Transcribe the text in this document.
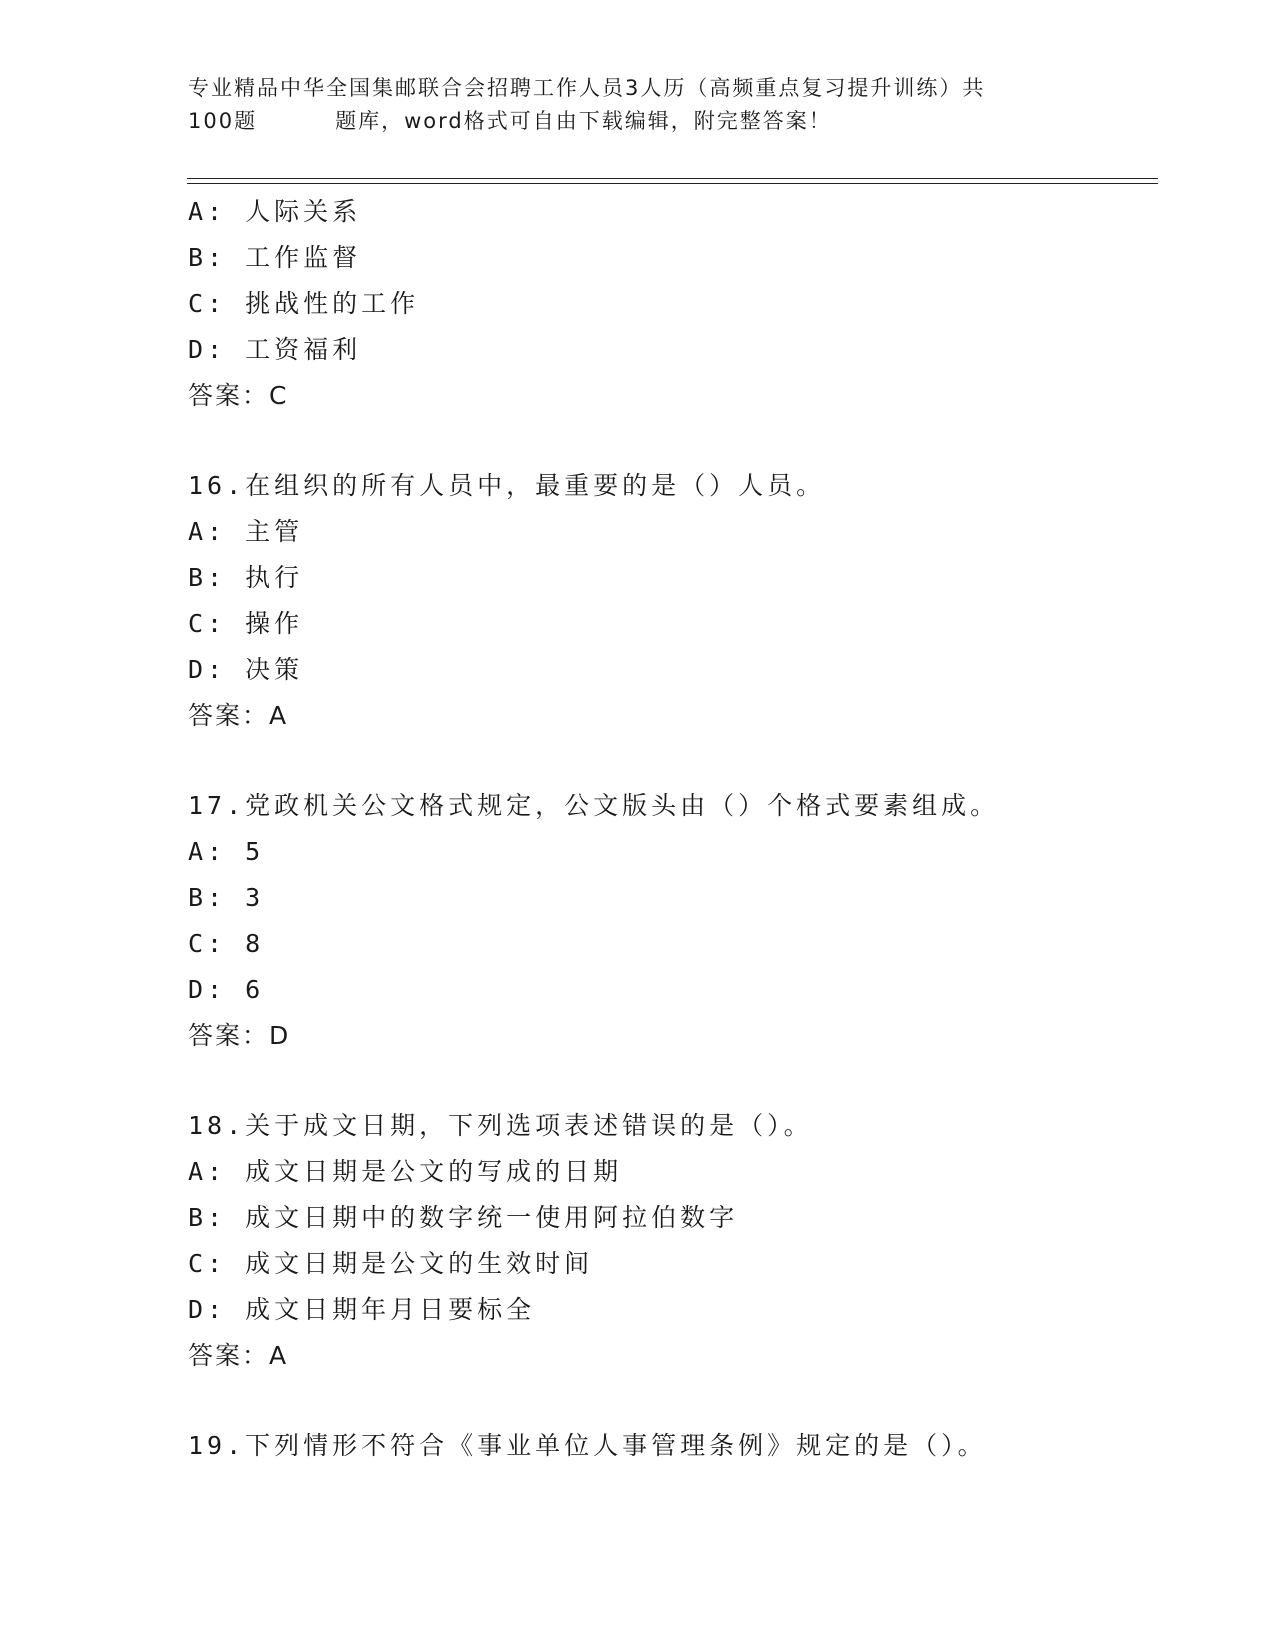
专业精品中华全国集邮联合会招聘工作人员3人历（高频重点复习提升训练）共
100题	题库，word格式可自由下载编辑，附完整答案！
A: 人际关系
B: 工作监督
C: 挑战性的工作
D: 工资福利
答案：C
16.在组织的所有人员中，最重要的是（）人员。
A: 主管
B: 执行
C: 操作
D: 决策
答案：A
17.党政机关公文格式规定，公文版头由（）个格式要素组成。
A: 5
B: 3
C: 8
D: 6
答案：D
18.关于成文日期，下列选项表述错误的是（）。
A: 成文日期是公文的写成的日期
B: 成文日期中的数字统一使用阿拉伯数字
C: 成文日期是公文的生效时间
D: 成文日期年月日要标全
答案：A
19.下列情形不符合《事业单位人事管理条例》规定的是（）。
